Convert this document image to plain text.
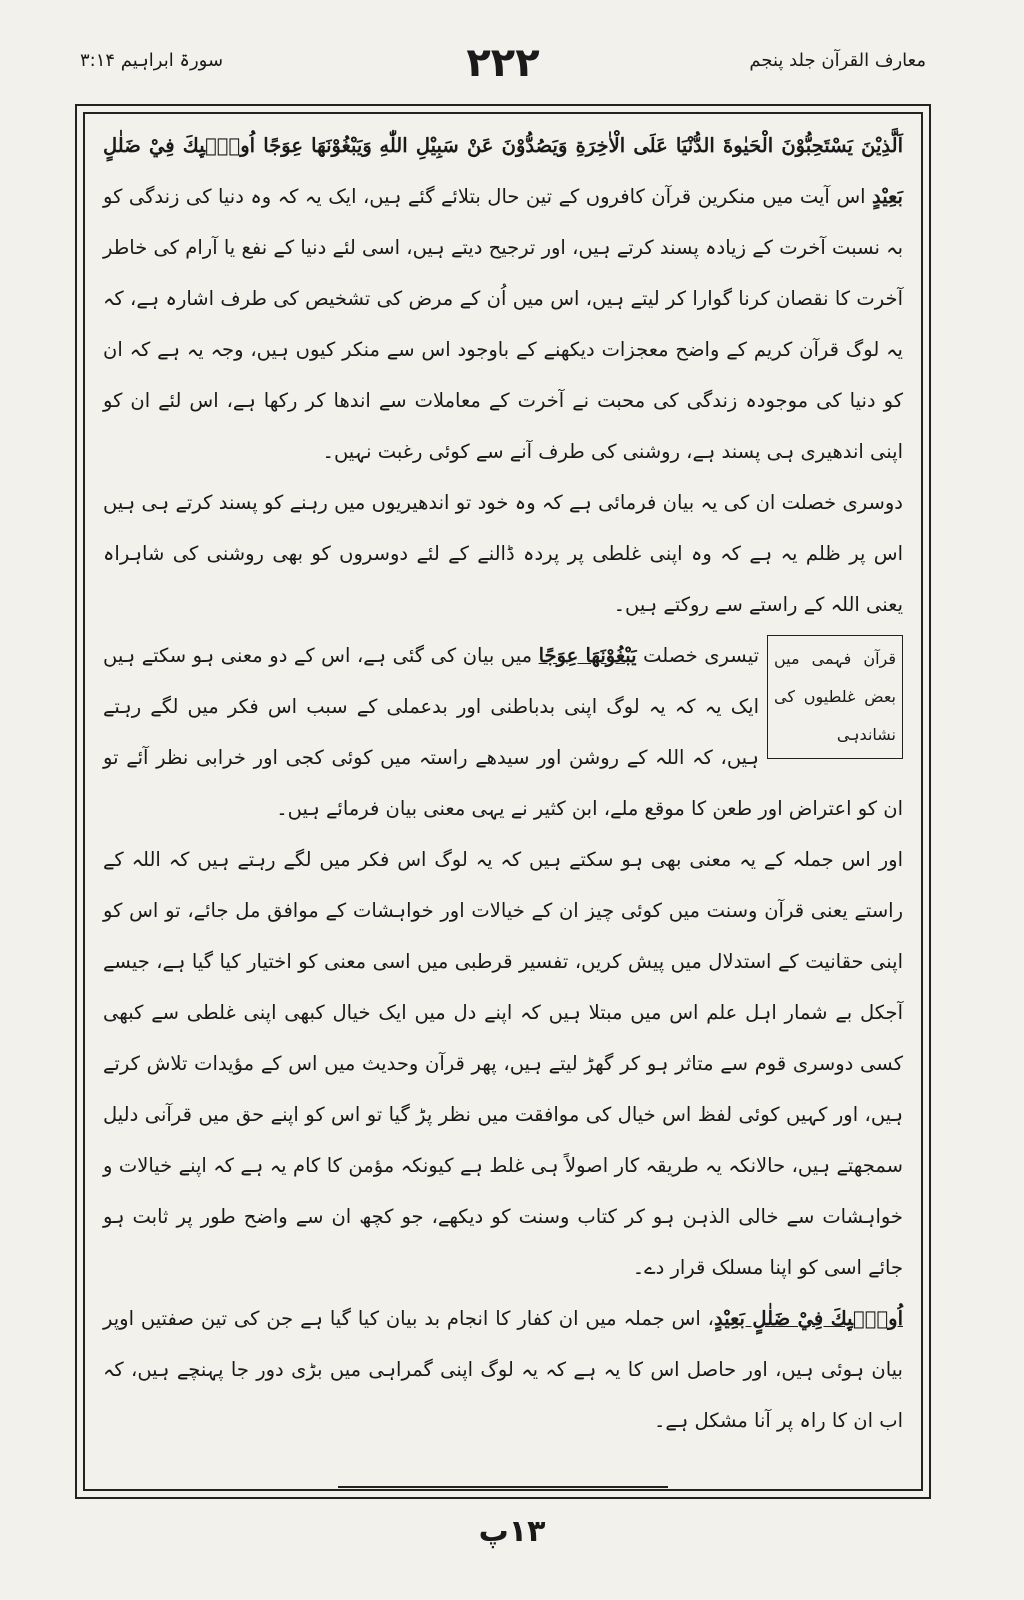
سورۃ ابراہیم ۳:۱۴	۲۲۲	معارف القرآن جلد پنجم

اَلَّذِيْنَ يَسْتَحِبُّوْنَ الْحَيٰوةَ الدُّنْيَا عَلَى الْاٰخِرَةِ وَيَصُدُّوْنَ عَنْ سَبِيْلِ اللّٰهِ وَيَبْغُوْنَهَا عِوَجًا اُولٰۗىِٕكَ فِيْ ضَلٰلٍ بَعِيْدٍ اس آیت میں منکرین قرآن کافروں کے تین حال بتلائے گئے ہیں، ایک یہ کہ وہ دنیا کی زندگی کو بہ نسبت آخرت کے زیادہ پسند کرتے ہیں، اور ترجیح دیتے ہیں، اسی لئے دنیا کے نفع یا آرام کی خاطر آخرت کا نقصان کرنا گوارا کر لیتے ہیں، اس میں اُن کے مرض کی تشخیص کی طرف اشارہ ہے، کہ یہ لوگ قرآن کریم کے واضح معجزات دیکھنے کے باوجود اس سے منکر کیوں ہیں، وجہ یہ ہے کہ ان کو دنیا کی موجودہ زندگی کی محبت نے آخرت کے معاملات سے اندھا کر رکھا ہے، اس لئے ان کو اپنی اندھیری ہی پسند ہے، روشنی کی طرف آنے سے کوئی رغبت نہیں۔

دوسری خصلت ان کی یہ بیان فرمائی ہے کہ وہ خود تو اندھیریوں میں رہنے کو پسند کرتے ہی ہیں اس پر ظلم یہ ہے کہ وہ اپنی غلطی پر پردہ ڈالنے کے لئے دوسروں کو بھی روشنی کی شاہراہ یعنی اللہ کے راستے سے روکتے ہیں۔

قرآن فہمی میں بعض غلطیوں کی نشاندہی
تیسری خصلت يَبْغُوْنَهَا عِوَجًا میں بیان کی گئی ہے، اس کے دو معنی ہو سکتے ہیں ایک یہ کہ یہ لوگ اپنی بدباطنی اور بدعملی کے سبب اس فکر میں لگے رہتے ہیں، کہ اللہ کے روشن اور سیدھے راستہ میں کوئی کجی اور خرابی نظر آئے تو ان کو اعتراض اور طعن کا موقع ملے، ابن کثیر نے یہی معنی بیان فرمائے ہیں۔

اور اس جملہ کے یہ معنی بھی ہو سکتے ہیں کہ یہ لوگ اس فکر میں لگے رہتے ہیں کہ اللہ کے راستے یعنی قرآن وسنت میں کوئی چیز ان کے خیالات اور خواہشات کے موافق مل جائے، تو اس کو اپنی حقانیت کے استدلال میں پیش کریں، تفسیر قرطبی میں اسی معنی کو اختیار کیا گیا ہے، جیسے آجکل بے شمار اہل علم اس میں مبتلا ہیں کہ اپنے دل میں ایک خیال کبھی اپنی غلطی سے کبھی کسی دوسری قوم سے متاثر ہو کر گھڑ لیتے ہیں، پھر قرآن وحدیث میں اس کے مؤیدات تلاش کرتے ہیں، اور کہیں کوئی لفظ اس خیال کی موافقت میں نظر پڑ گیا تو اس کو اپنے حق میں قرآنی دلیل سمجھتے ہیں، حالانکہ یہ طریقہ کار اصولاً ہی غلط ہے کیونکہ مؤمن کا کام یہ ہے کہ اپنے خیالات و خواہشات سے خالی الذہن ہو کر کتاب وسنت کو دیکھے، جو کچھ ان سے واضح طور پر ثابت ہو جائے اسی کو اپنا مسلک قرار دے۔

اُولٰۗىِٕكَ فِيْ ضَلٰلٍ بَعِيْدٍ، اس جملہ میں ان کفار کا انجام بد بیان کیا گیا ہے جن کی تین صفتیں اوپر بیان ہوئی ہیں، اور حاصل اس کا یہ ہے کہ یہ لوگ اپنی گمراہی میں بڑی دور جا پہنچے ہیں، کہ اب ان کا راہ پر آنا مشکل ہے۔

۱۳پ
